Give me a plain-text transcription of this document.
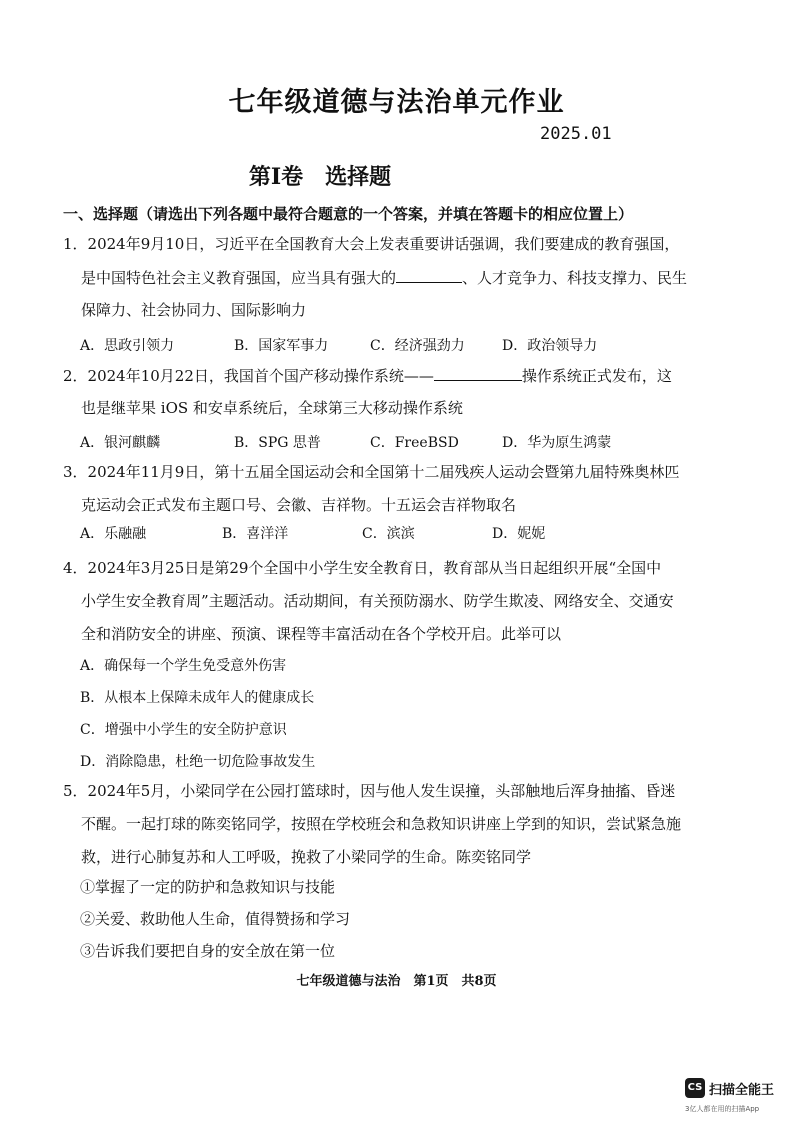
七年级道德与法治单元作业
2025.01
第Ⅰ卷　选择题
一、选择题（请选出下列各题中最符合题意的一个答案，并填在答题卡的相应位置上）
1．2024年9月10日，习近平在全国教育大会上发表重要讲话强调，我们要建成的教育强国，
是中国特色社会主义教育强国，应当具有强大的	、人才竞争力、科技支撑力、民生
保障力、社会协同力、国际影响力
A．思政引领力	B．国家军事力	C．经济强劲力	D．政治领导力
2．2024年10月22日，我国首个国产移动操作系统——	操作系统正式发布，这
也是继苹果 iOS 和安卓系统后，全球第三大移动操作系统
A．银河麒麟	B．SPG 思普	C．FreeBSD	D．华为原生鸿蒙
3．2024年11月9日，第十五届全国运动会和全国第十二届残疾人运动会暨第九届特殊奥林匹
克运动会正式发布主题口号、会徽、吉祥物。十五运会吉祥物取名
A．乐融融	B．喜洋洋	C．滨滨	D．妮妮
4．2024年3月25日是第29个全国中小学生安全教育日，教育部从当日起组织开展“全国中
小学生安全教育周”主题活动。活动期间，有关预防溺水、防学生欺凌、网络安全、交通安
全和消防安全的讲座、预演、课程等丰富活动在各个学校开启。此举可以
A．确保每一个学生免受意外伤害
B．从根本上保障未成年人的健康成长
C．增强中小学生的安全防护意识
D．消除隐患，杜绝一切危险事故发生
5．2024年5月，小梁同学在公园打篮球时，因与他人发生误撞，头部触地后浑身抽搐、昏迷
不醒。一起打球的陈奕铭同学，按照在学校班会和急救知识讲座上学到的知识，尝试紧急施
救，进行心肺复苏和人工呼吸，挽救了小梁同学的生命。陈奕铭同学
①掌握了一定的防护和急救知识与技能
②关爱、救助他人生命，值得赞扬和学习
③告诉我们要把自身的安全放在第一位
七年级道德与法治　第1页　共8页
CS 扫描全能王
3亿人都在用的扫描App
